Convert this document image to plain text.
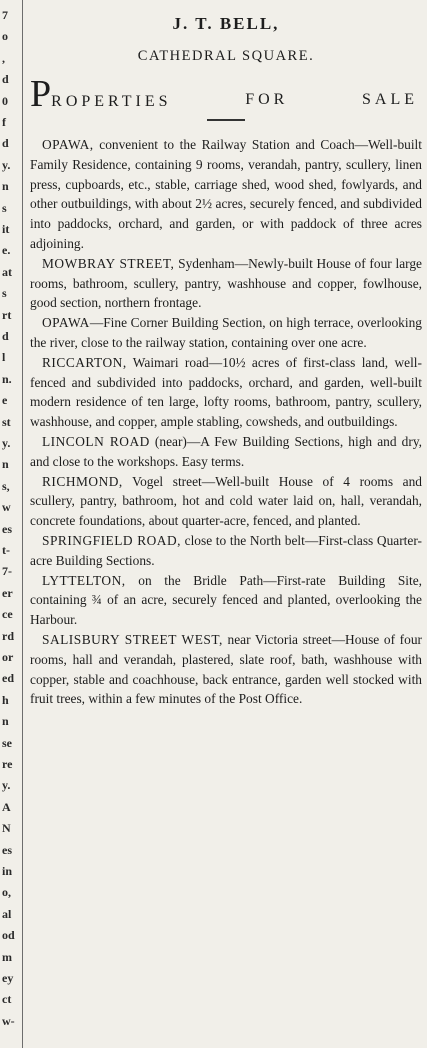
7
o
,
d
0
f
d
y.
n
s
it
e.
at
s
rt
d
l
n.
e
st
y.
n
s,
w
es
t-
7-
er
ce
rd
or
ed
h
n
se
re
y.
A
N
es
in
o,
al
od
m
ey
ct
w-
J. T. BELL,
CATHEDRAL SQUARE.
PROPERTIES	FOR	SALE

OPAWA, convenient to the Railway Station and Coach—Well-built Family Residence, containing 9 rooms, verandah, pantry, scullery, linen press, cupboards, etc., stable, carriage shed, wood shed, fowlyards, and other outbuildings, with about 2½ acres, securely fenced, and subdivided into paddocks, orchard, and garden, or with paddock of three acres adjoining.

MOWBRAY STREET, Sydenham—Newly-built House of four large rooms, bathroom, scullery, pantry, washhouse and copper, fowlhouse, good section, northern frontage.

OPAWA—Fine Corner Building Section, on high terrace, overlooking the river, close to the railway station, containing over one acre.

RICCARTON, Waimari road—10½ acres of first-class land, well-fenced and subdivided into paddocks, orchard, and garden, well-built modern residence of ten large, lofty rooms, bathroom, pantry, scullery, washhouse, and copper, ample stabling, cowsheds, and outbuildings.

LINCOLN ROAD (near)—A Few Building Sections, high and dry, and close to the workshops. Easy terms.

RICHMOND, Vogel street—Well-built House of 4 rooms and scullery, pantry, bathroom, hot and cold water laid on, hall, verandah, concrete foundations, about quarter-acre, fenced, and planted.

SPRINGFIELD ROAD, close to the North belt—First-class Quarter-acre Building Sections.

LYTTELTON, on the Bridle Path—First-rate Building Site, containing ¾ of an acre, securely fenced and planted, overlooking the Harbour.

SALISBURY STREET WEST, near Victoria street—House of four rooms, hall and verandah, plastered, slate roof, bath, washhouse with copper, stable and coachhouse, back entrance, garden well stocked with fruit trees, within a few minutes of the Post Office.
